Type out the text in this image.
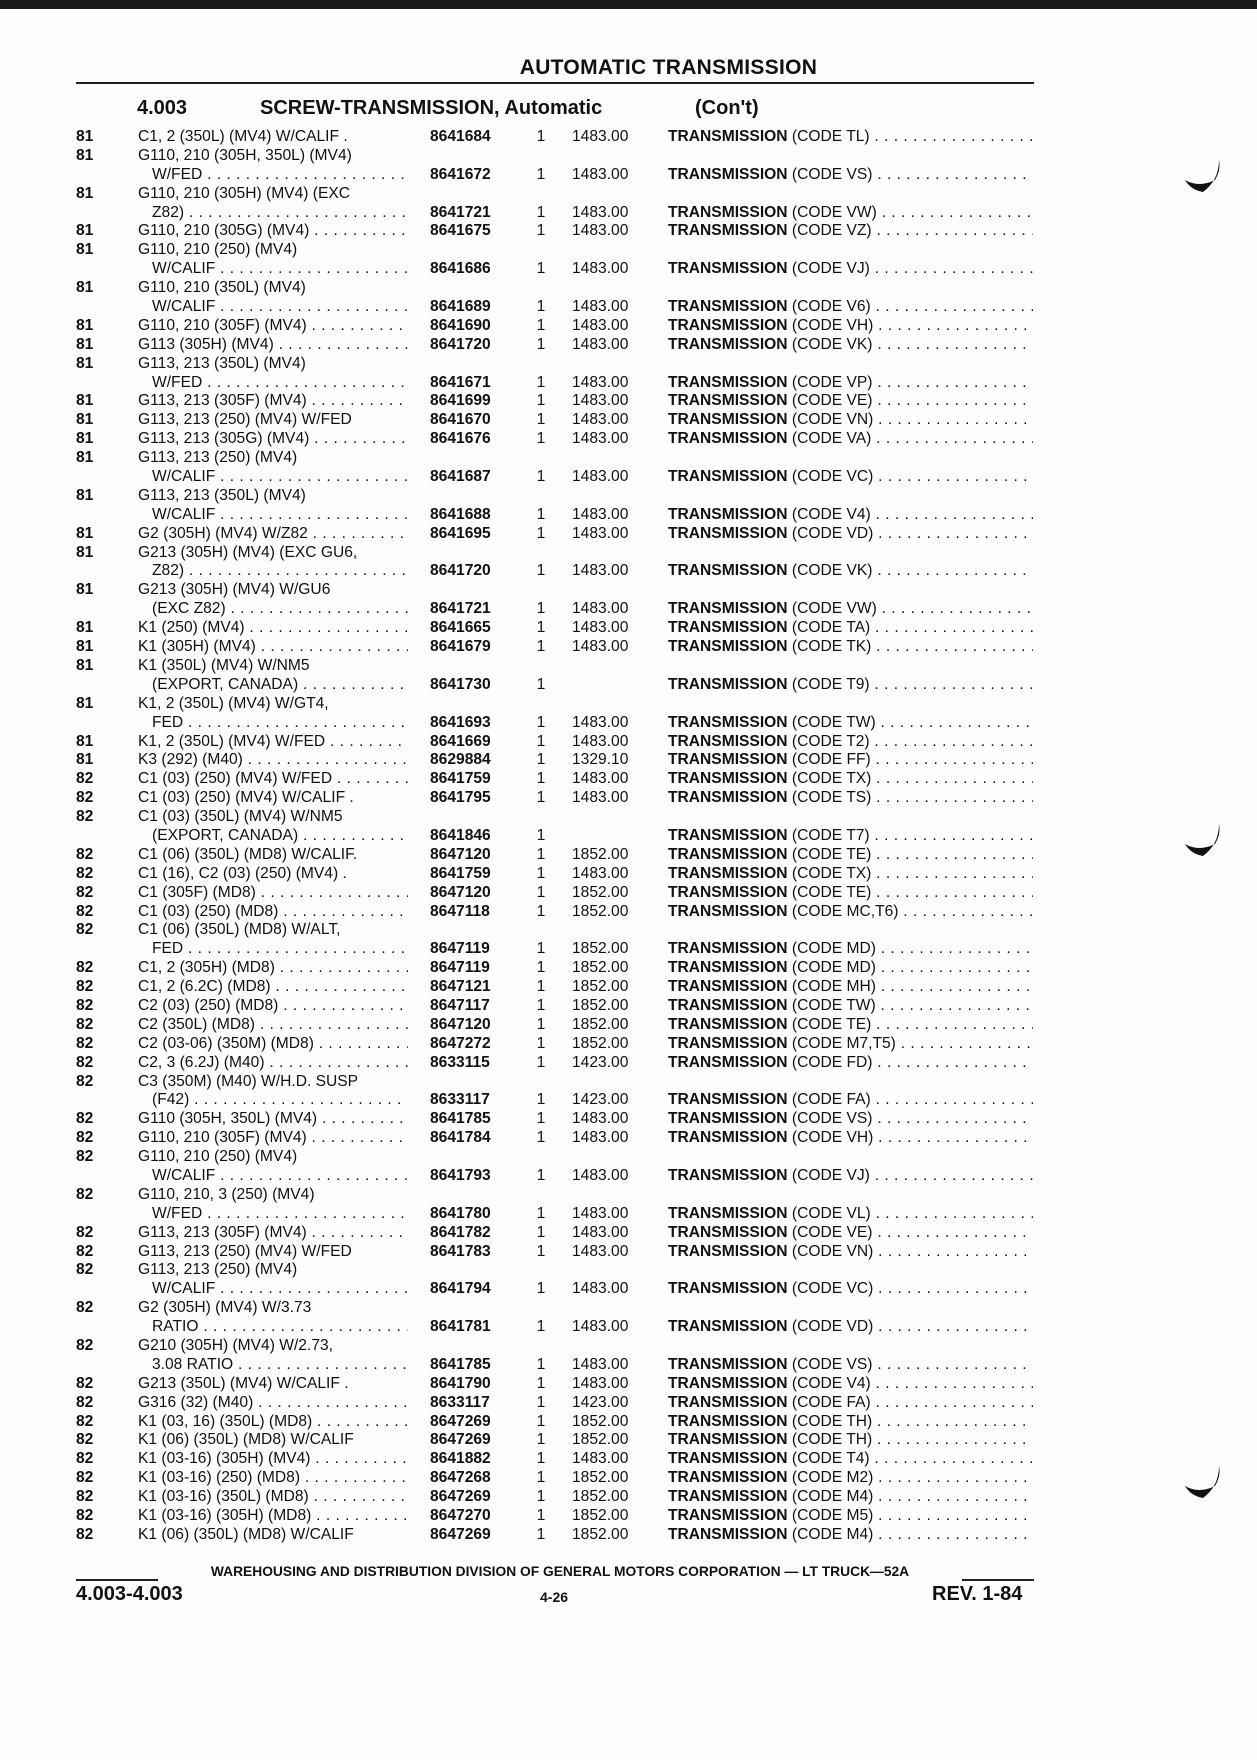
AUTOMATIC TRANSMISSION
4.003	SCREW-TRANSMISSION, Automatic	(Con't)
81	C1, 2 (350L) (MV4) W/CALIF .	8641684	1 1483.00	TRANSMISSION (CODE TL) . . .
81	G110, 210 (305H, 350L) (MV4)
W/FED . . .	8641672	1 1483.00	TRANSMISSION (CODE VS) . . .
81	G110, 210 (305H) (MV4) (EXC
Z82) . . .	8641721	1 1483.00	TRANSMISSION (CODE VW) . . .
81	G110, 210 (305G) (MV4) . . .	8641675	1 1483.00	TRANSMISSION (CODE VZ) . . .
81	G110, 210 (250) (MV4)
W/CALIF . . .	8641686	1 1483.00	TRANSMISSION (CODE VJ) . . .
81	G110, 210 (350L) (MV4)
W/CALIF . . .	8641689	1 1483.00	TRANSMISSION (CODE V6) . . .
81	G110, 210 (305F) (MV4) . . .	8641690	1 1483.00	TRANSMISSION (CODE VH) . . .
81	G113 (305H) (MV4) . . .	8641720	1 1483.00	TRANSMISSION (CODE VK) . . .
81	G113, 213 (350L) (MV4)
W/FED . . .	8641671	1 1483.00	TRANSMISSION (CODE VP) . . .
81	G113, 213 (305F) (MV4) . . .	8641699	1 1483.00	TRANSMISSION (CODE VE) . . .
81	G113, 213 (250) (MV4) W/FED	8641670	1 1483.00	TRANSMISSION (CODE VN) . . .
81	G113, 213 (305G) (MV4) . . .	8641676	1 1483.00	TRANSMISSION (CODE VA) . . .
81	G113, 213 (250) (MV4)
W/CALIF . . .	8641687	1 1483.00	TRANSMISSION (CODE VC) . . .
81	G113, 213 (350L) (MV4)
W/CALIF . . .	8641688	1 1483.00	TRANSMISSION (CODE V4) . . .
81	G2 (305H) (MV4) W/Z82 . . .	8641695	1 1483.00	TRANSMISSION (CODE VD) . . .
81	G213 (305H) (MV4) (EXC GU6,
Z82) . . .	8641720	1 1483.00	TRANSMISSION (CODE VK) . . .
81	G213 (305H) (MV4) W/GU6
(EXC Z82) . . .	8641721	1 1483.00	TRANSMISSION (CODE VW) . . .
81	K1 (250) (MV4) . . .	8641665	1 1483.00	TRANSMISSION (CODE TA) . . .
81	K1 (305H) (MV4) . . .	8641679	1 1483.00	TRANSMISSION (CODE TK) . . .
81	K1 (350L) (MV4) W/NM5
(EXPORT, CANADA) . . .	8641730	1	TRANSMISSION (CODE T9) . . .
81	K1, 2 (350L) (MV4) W/GT4,
FED . . .	8641693	1 1483.00	TRANSMISSION (CODE TW) . . .
81	K1, 2 (350L) (MV4) W/FED . . .	8641669	1 1483.00	TRANSMISSION (CODE T2) . . .
81	K3 (292) (M40) . . .	8629884	1 1329.10	TRANSMISSION (CODE FF) . . .
82	C1 (03) (250) (MV4) W/FED . . .	8641759	1 1483.00	TRANSMISSION (CODE TX) . . .
82	C1 (03) (250) (MV4) W/CALIF .	8641795	1 1483.00	TRANSMISSION (CODE TS) . . .
82	C1 (03) (350L) (MV4) W/NM5
(EXPORT, CANADA) . . .	8641846	1	TRANSMISSION (CODE T7) . . .
82	C1 (06) (350L) (MD8) W/CALIF.	8647120	1 1852.00	TRANSMISSION (CODE TE) . . .
82	C1 (16), C2 (03) (250) (MV4) .	8641759	1 1483.00	TRANSMISSION (CODE TX) . . .
82	C1 (305F) (MD8) . . .	8647120	1 1852.00	TRANSMISSION (CODE TE) . . .
82	C1 (03) (250) (MD8) . . .	8647118	1 1852.00	TRANSMISSION (CODE MC,T6) . . .
82	C1 (06) (350L) (MD8) W/ALT,
FED . . .	8647119	1 1852.00	TRANSMISSION (CODE MD) . . .
82	C1, 2 (305H) (MD8) . . .	8647119	1 1852.00	TRANSMISSION (CODE MD) . . .
82	C1, 2 (6.2C) (MD8) . . .	8647121	1 1852.00	TRANSMISSION (CODE MH) . . .
82	C2 (03) (250) (MD8) . . .	8647117	1 1852.00	TRANSMISSION (CODE TW) . . .
82	C2 (350L) (MD8) . . .	8647120	1 1852.00	TRANSMISSION (CODE TE) . . .
82	C2 (03-06) (350M) (MD8) . . .	8647272	1 1852.00	TRANSMISSION (CODE M7,T5) . . .
82	C2, 3 (6.2J) (M40) . . .	8633115	1 1423.00	TRANSMISSION (CODE FD) . . .
82	C3 (350M) (M40) W/H.D. SUSP
(F42) . . .	8633117	1 1423.00	TRANSMISSION (CODE FA) . . .
82	G110 (305H, 350L) (MV4) . . .	8641785	1 1483.00	TRANSMISSION (CODE VS) . . .
82	G110, 210 (305F) (MV4) . . .	8641784	1 1483.00	TRANSMISSION (CODE VH) . . .
82	G110, 210 (250) (MV4)
W/CALIF . . .	8641793	1 1483.00	TRANSMISSION (CODE VJ) . . .
82	G110, 210, 3 (250) (MV4)
W/FED . . .	8641780	1 1483.00	TRANSMISSION (CODE VL) . . .
82	G113, 213 (305F) (MV4) . . .	8641782	1 1483.00	TRANSMISSION (CODE VE) . . .
82	G113, 213 (250) (MV4) W/FED	8641783	1 1483.00	TRANSMISSION (CODE VN) . . .
82	G113, 213 (250) (MV4)
W/CALIF . . .	8641794	1 1483.00	TRANSMISSION (CODE VC) . . .
82	G2 (305H) (MV4) W/3.73
RATIO . . .	8641781	1 1483.00	TRANSMISSION (CODE VD) . . .
82	G210 (305H) (MV4) W/2.73,
3.08 RATIO . . .	8641785	1 1483.00	TRANSMISSION (CODE VS) . . .
82	G213 (350L) (MV4) W/CALIF .	8641790	1 1483.00	TRANSMISSION (CODE V4) . . .
82	G316 (32) (M40) . . .	8633117	1 1423.00	TRANSMISSION (CODE FA) . . .
82	K1 (03, 16) (350L) (MD8) . . .	8647269	1 1852.00	TRANSMISSION (CODE TH) . . .
82	K1 (06) (350L) (MD8) W/CALIF	8647269	1 1852.00	TRANSMISSION (CODE TH) . . .
82	K1 (03-16) (305H) (MV4) . . .	8641882	1 1483.00	TRANSMISSION (CODE T4) . . .
82	K1 (03-16) (250) (MD8) . . .	8647268	1 1852.00	TRANSMISSION (CODE M2) . . .
82	K1 (03-16) (350L) (MD8) . . .	8647269	1 1852.00	TRANSMISSION (CODE M4) . . .
82	K1 (03-16) (305H) (MD8) . . .	8647270	1 1852.00	TRANSMISSION (CODE M5) . . .
82	K1 (06) (350L) (MD8) W/CALIF	8647269	1 1852.00	TRANSMISSION (CODE M4) . . .
WAREHOUSING AND DISTRIBUTION DIVISION OF GENERAL MOTORS CORPORATION — LT TRUCK—52A
4.003-4.003	4-26	REV. 1-84
